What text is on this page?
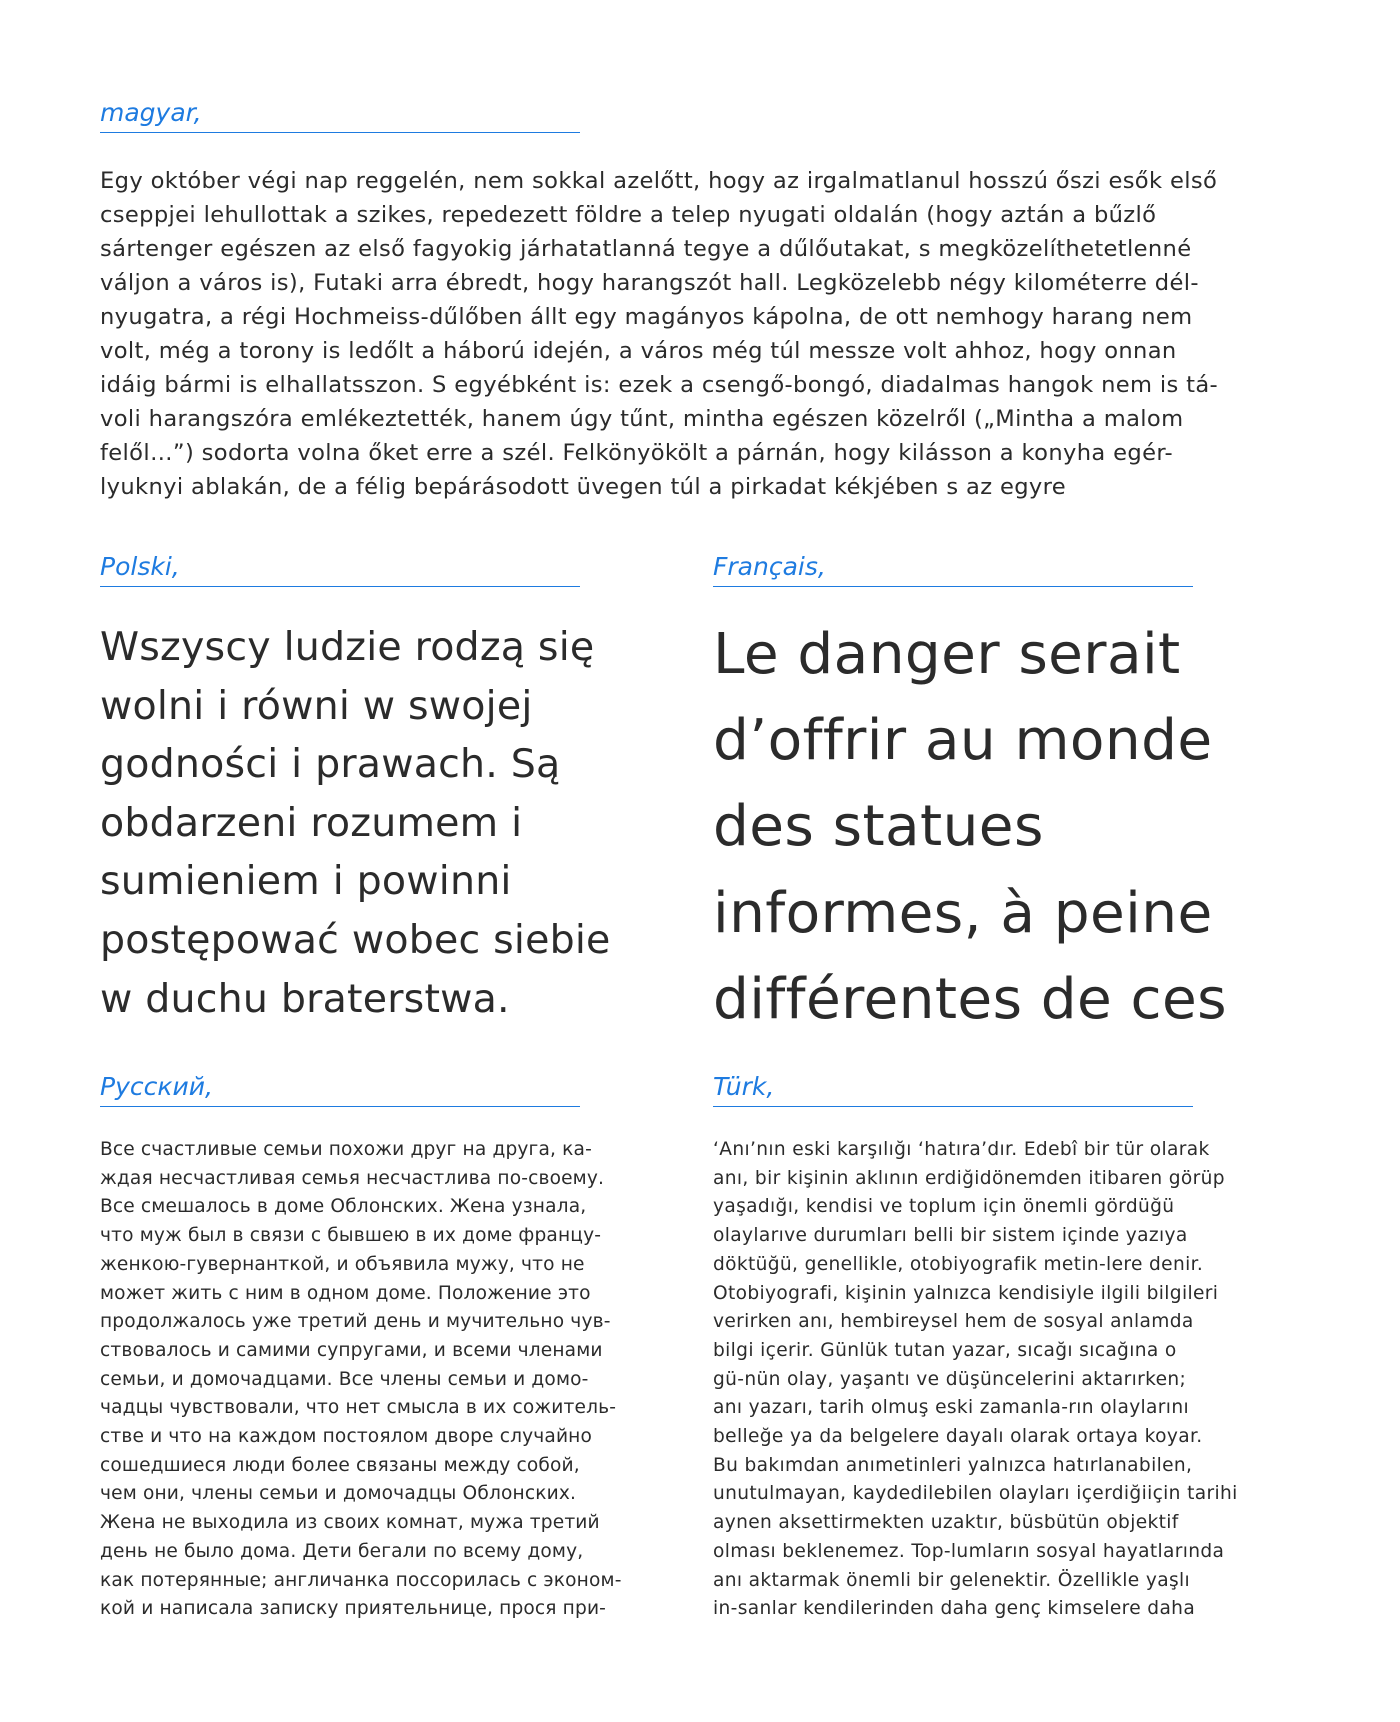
magyar,
Egy október végi nap reggelén, nem sokkal azelőtt, hogy az irgalmatlanul hosszú őszi esők első
cseppjei lehullottak a szikes, repedezett földre a telep nyugati oldalán (hogy aztán a bűzlő
sártenger egészen az első fagyokig járhatatlanná tegye a dűlőutakat, s megközelíthetetlenné
váljon a város is), Futaki arra ébredt, hogy harangszót hall. Legközelebb négy kilométerre dél-
nyugatra, a régi Hochmeiss-dűlőben állt egy magányos kápolna, de ott nemhogy harang nem
volt, még a torony is ledőlt a háború idején, a város még túl messze volt ahhoz, hogy onnan
idáig bármi is elhallatsszon. S egyébként is: ezek a csengő-bongó, diadalmas hangok nem is tá-
voli harangszóra emlékeztették, hanem úgy tűnt, mintha egészen közelről („Mintha a malom
felől…”) sodorta volna őket erre a szél. Felkönyökölt a párnán, hogy kilásson a konyha egér-
lyuknyi ablakán, de a félig bepárásodott üvegen túl a pirkadat kékjében s az egyre
Polski,
Wszyscy ludzie rodzą się
wolni i równi w swojej
godności i prawach. Są
obdarzeni rozumem i
sumieniem i powinni
postępować wobec siebie
w duchu braterstwa.
Français,
Le danger serait
d’offrir au monde
des statues
informes, à peine
différentes de ces
Русский,
Все счастливые семьи похожи друг на друга, ка-
ждая несчастливая семья несчастлива по-своему.
Все смешалось в доме Облонских. Жена узнала,
что муж был в связи с бывшею в их доме францу-
женкою-гувернанткой, и объявила мужу, что не
может жить с ним в одном доме. Положение это
продолжалось уже третий день и мучительно чув-
ствовалось и самими супругами, и всеми членами
семьи, и домочадцами. Все члены семьи и домо-
чадцы чувствовали, что нет смысла в их сожитель-
стве и что на каждом постоялом дворе случайно
сошедшиеся люди более связаны между собой,
чем они, члены семьи и домочадцы Облонских.
Жена не выходила из своих комнат, мужа третий
день не было дома. Дети бегали по всему дому,
как потерянные; англичанка поссорилась с эконом-
кой и написала записку приятельнице, прося при-
Türk,
‘Anı’nın eski karşılığı ‘hatıra’dır. Edebî bir tür olarak
anı, bir kişinin aklının erdiğidönemden itibaren görüp
yaşadığı, kendisi ve toplum için önemli gördüğü
olaylarıve durumları belli bir sistem içinde yazıya
döktüğü, genellikle, otobiyografik metin-lere denir.
Otobiyografi, kişinin yalnızca kendisiyle ilgili bilgileri
verirken anı, hembireysel hem de sosyal anlamda
bilgi içerir. Günlük tutan yazar, sıcağı sıcağına o
gü-nün olay, yaşantı ve düşüncelerini aktarırken;
anı yazarı, tarih olmuş eski zamanla-rın olaylarını
belleğe ya da belgelere dayalı olarak ortaya koyar.
Bu bakımdan anımetinleri yalnızca hatırlanabilen,
unutulmayan, kaydedilebilen olayları içerdiğiiçin tarihi
aynen aksettirmekten uzaktır, büsbütün objektif
olması beklenemez. Top-lumların sosyal hayatlarında
anı aktarmak önemli bir gelenektir. Özellikle yaşlı
in-sanlar kendilerinden daha genç kimselere daha
